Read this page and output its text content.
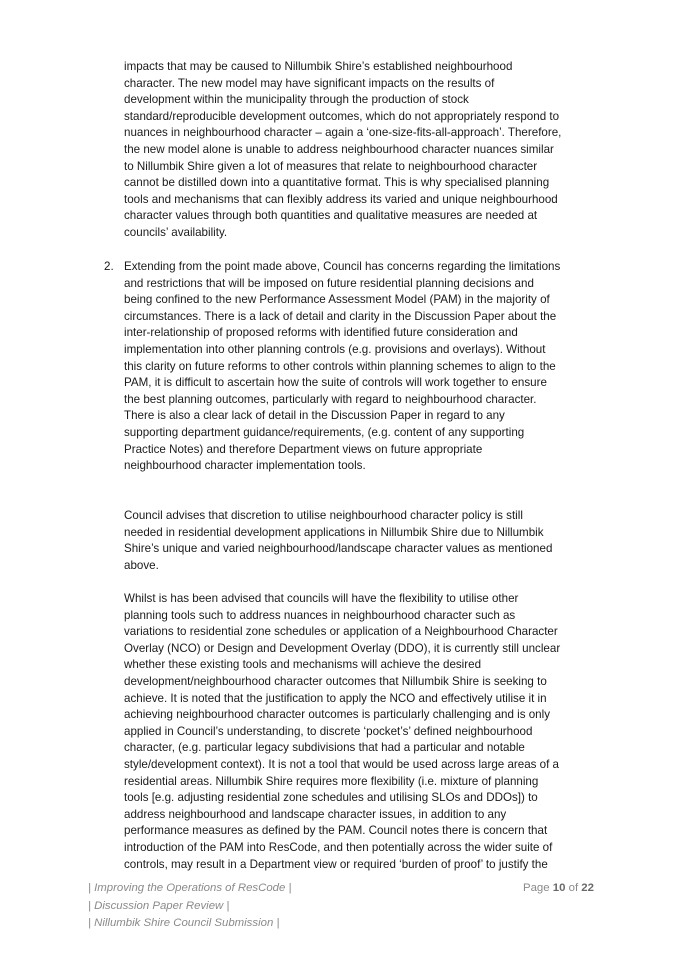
impacts that may be caused to Nillumbik Shire’s established neighbourhood
character. The new model may have significant impacts on the results of
development within the municipality through the production of stock
standard/reproducible development outcomes, which do not appropriately respond to
nuances in neighbourhood character – again a ‘one-size-fits-all-approach’. Therefore,
the new model alone is unable to address neighbourhood character nuances similar
to Nillumbik Shire given a lot of measures that relate to neighbourhood character
cannot be distilled down into a quantitative format. This is why specialised planning
tools and mechanisms that can flexibly address its varied and unique neighbourhood
character values through both quantities and qualitative measures are needed at
councils’ availability.
2. Extending from the point made above, Council has concerns regarding the limitations
and restrictions that will be imposed on future residential planning decisions and
being confined to the new Performance Assessment Model (PAM) in the majority of
circumstances. There is a lack of detail and clarity in the Discussion Paper about the
inter-relationship of proposed reforms with identified future consideration and
implementation into other planning controls (e.g. provisions and overlays). Without
this clarity on future reforms to other controls within planning schemes to align to the
PAM, it is difficult to ascertain how the suite of controls will work together to ensure
the best planning outcomes, particularly with regard to neighbourhood character.
There is also a clear lack of detail in the Discussion Paper in regard to any
supporting department guidance/requirements, (e.g. content of any supporting
Practice Notes) and therefore Department views on future appropriate
neighbourhood character implementation tools.
Council advises that discretion to utilise neighbourhood character policy is still
needed in residential development applications in Nillumbik Shire due to Nillumbik
Shire’s unique and varied neighbourhood/landscape character values as mentioned
above.
Whilst is has been advised that councils will have the flexibility to utilise other
planning tools such to address nuances in neighbourhood character such as
variations to residential zone schedules or application of a Neighbourhood Character
Overlay (NCO) or Design and Development Overlay (DDO), it is currently still unclear
whether these existing tools and mechanisms will achieve the desired
development/neighbourhood character outcomes that Nillumbik Shire is seeking to
achieve. It is noted that the justification to apply the NCO and effectively utilise it in
achieving neighbourhood character outcomes is particularly challenging and is only
applied in Council’s understanding, to discrete ‘pocket’s’ defined neighbourhood
character, (e.g. particular legacy subdivisions that had a particular and notable
style/development context). It is not a tool that would be used across large areas of a
residential areas. Nillumbik Shire requires more flexibility (i.e. mixture of planning
tools [e.g. adjusting residential zone schedules and utilising SLOs and DDOs]) to
address neighbourhood and landscape character issues, in addition to any
performance measures as defined by the PAM. Council notes there is concern that
introduction of the PAM into ResCode, and then potentially across the wider suite of
controls, may result in a Department view or required ‘burden of proof’ to justify the
| Improving the Operations of ResCode |
| Discussion Paper Review |
| Nillumbik Shire Council Submission |
Page 10 of 22
